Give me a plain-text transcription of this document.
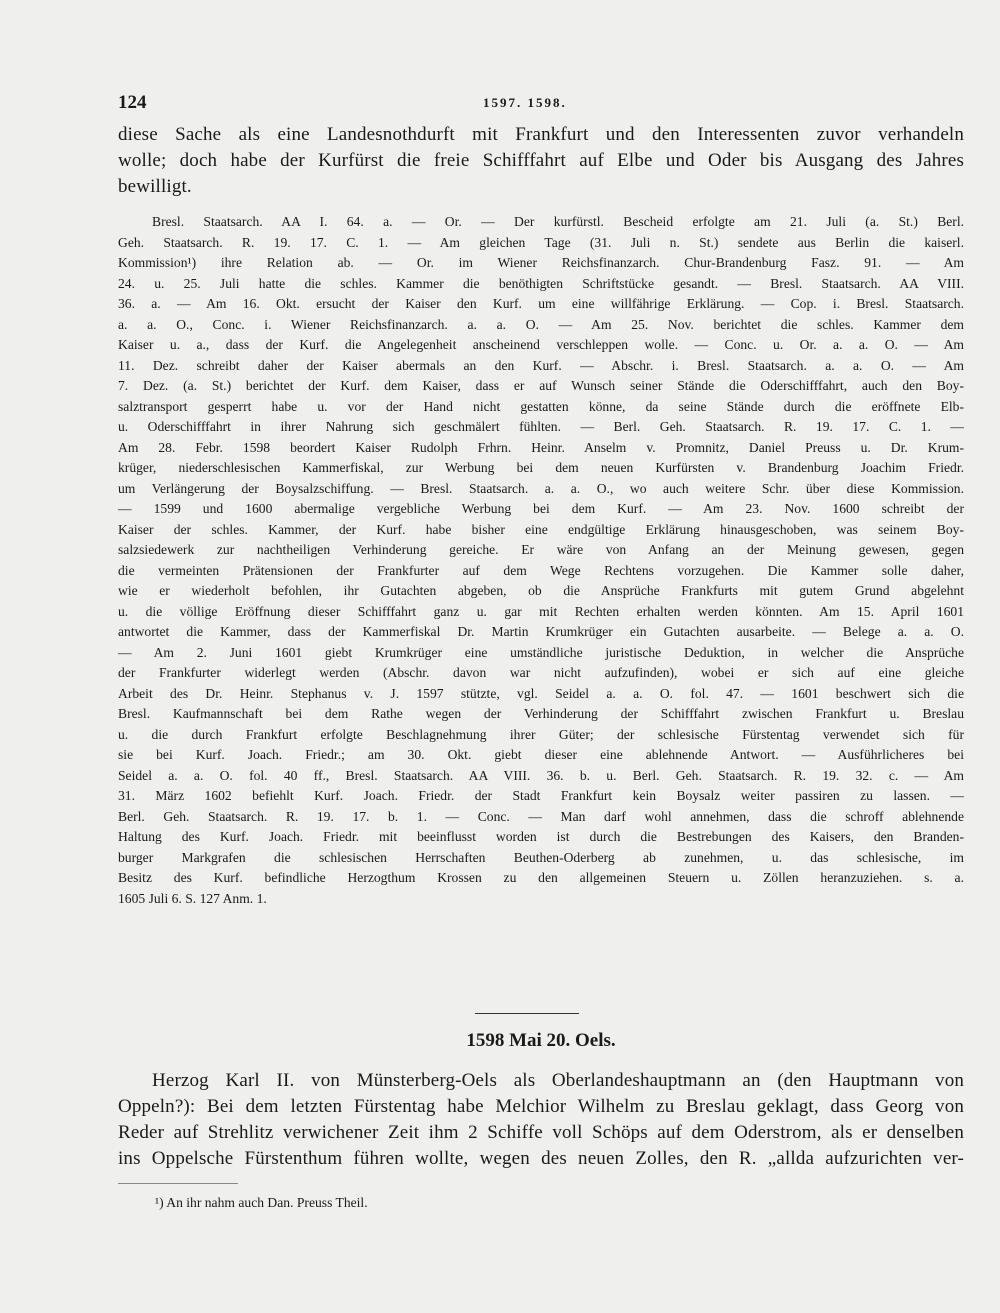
124	1597. 1598.
diese Sache als eine Landesnothdurft mit Frankfurt und den Interessenten zuvor verhandeln
wolle; doch habe der Kurfürst die freie Schifffahrt auf Elbe und Oder bis Ausgang des Jahres
bewilligt.
Bresl. Staatsarch. AA I. 64. a. — Or. — Der kurfürstl. Bescheid erfolgte am 21. Juli (a. St.) Berl.
Geh. Staatsarch. R. 19. 17. C. 1. — Am gleichen Tage (31. Juli n. St.) sendete aus Berlin die kaiserl.
Kommission¹) ihre Relation ab. — Or. im Wiener Reichsfinanzarch. Chur-Brandenburg Fasz. 91. — Am
24. u. 25. Juli hatte die schles. Kammer die benöthigten Schriftstücke gesandt. — Bresl. Staatsarch. AA VIII.
36. a. — Am 16. Okt. ersucht der Kaiser den Kurf. um eine willfährige Erklärung. — Cop. i. Bresl. Staatsarch.
a. a. O., Conc. i. Wiener Reichsfinanzarch. a. a. O. — Am 25. Nov. berichtet die schles. Kammer dem
Kaiser u. a., dass der Kurf. die Angelegenheit anscheinend verschleppen wolle. — Conc. u. Or. a. a. O. — Am
11. Dez. schreibt daher der Kaiser abermals an den Kurf. — Abschr. i. Bresl. Staatsarch. a. a. O. — Am
7. Dez. (a. St.) berichtet der Kurf. dem Kaiser, dass er auf Wunsch seiner Stände die Oderschifffahrt, auch den Boy-
salztransport gesperrt habe u. vor der Hand nicht gestatten könne, da seine Stände durch die eröffnete Elb-
u. Oderschifffahrt in ihrer Nahrung sich geschmälert fühlten. — Berl. Geh. Staatsarch. R. 19. 17. C. 1. —
Am 28. Febr. 1598 beordert Kaiser Rudolph Frhrn. Heinr. Anselm v. Promnitz, Daniel Preuss u. Dr. Krum-
krüger, niederschlesischen Kammerfiskal, zur Werbung bei dem neuen Kurfürsten v. Brandenburg Joachim Friedr.
um Verlängerung der Boysalzschiffung. — Bresl. Staatsarch. a. a. O., wo auch weitere Schr. über diese Kommission.
— 1599 und 1600 abermalige vergebliche Werbung bei dem Kurf. — Am 23. Nov. 1600 schreibt der
Kaiser der schles. Kammer, der Kurf. habe bisher eine endgültige Erklärung hinausgeschoben, was seinem Boy-
salzsiedewerk zur nachtheiligen Verhinderung gereiche. Er wäre von Anfang an der Meinung gewesen, gegen
die vermeinten Prätensionen der Frankfurter auf dem Wege Rechtens vorzugehen. Die Kammer solle daher,
wie er wiederholt befohlen, ihr Gutachten abgeben, ob die Ansprüche Frankfurts mit gutem Grund abgelehnt
u. die völlige Eröffnung dieser Schifffahrt ganz u. gar mit Rechten erhalten werden könnten. Am 15. April 1601
antwortet die Kammer, dass der Kammerfiskal Dr. Martin Krumkrüger ein Gutachten ausarbeite. — Belege a. a. O.
— Am 2. Juni 1601 giebt Krumkrüger eine umständliche juristische Deduktion, in welcher die Ansprüche
der Frankfurter widerlegt werden (Abschr. davon war nicht aufzufinden), wobei er sich auf eine gleiche
Arbeit des Dr. Heinr. Stephanus v. J. 1597 stützte, vgl. Seidel a. a. O. fol. 47. — 1601 beschwert sich die
Bresl. Kaufmannschaft bei dem Rathe wegen der Verhinderung der Schifffahrt zwischen Frankfurt u. Breslau
u. die durch Frankfurt erfolgte Beschlagnehmung ihrer Güter; der schlesische Fürstentag verwendet sich für
sie bei Kurf. Joach. Friedr.; am 30. Okt. giebt dieser eine ablehnende Antwort. — Ausführlicheres bei
Seidel a. a. O. fol. 40 ff., Bresl. Staatsarch. AA VIII. 36. b. u. Berl. Geh. Staatsarch. R. 19. 32. c. — Am
31. März 1602 befiehlt Kurf. Joach. Friedr. der Stadt Frankfurt kein Boysalz weiter passiren zu lassen. —
Berl. Geh. Staatsarch. R. 19. 17. b. 1. — Conc. — Man darf wohl annehmen, dass die schroff ablehnende
Haltung des Kurf. Joach. Friedr. mit beeinflusst worden ist durch die Bestrebungen des Kaisers, den Branden-
burger Markgrafen die schlesischen Herrschaften Beuthen-Oderberg ab zunehmen, u. das schlesische, im
Besitz des Kurf. befindliche Herzogthum Krossen zu den allgemeinen Steuern u. Zöllen heranzuziehen. s. a.
1605 Juli 6. S. 127 Anm. 1.
1598 Mai 20. Oels.
Herzog Karl II. von Münsterberg-Oels als Oberlandeshauptmann an (den Hauptmann von
Oppeln?): Bei dem letzten Fürstentag habe Melchior Wilhelm zu Breslau geklagt, dass Georg von
Reder auf Strehlitz verwichener Zeit ihm 2 Schiffe voll Schöps auf dem Oderstrom, als er denselben
ins Oppelsche Fürstenthum führen wollte, wegen des neuen Zolles, den R. „allda aufzurichten ver-
¹) An ihr nahm auch Dan. Preuss Theil.
